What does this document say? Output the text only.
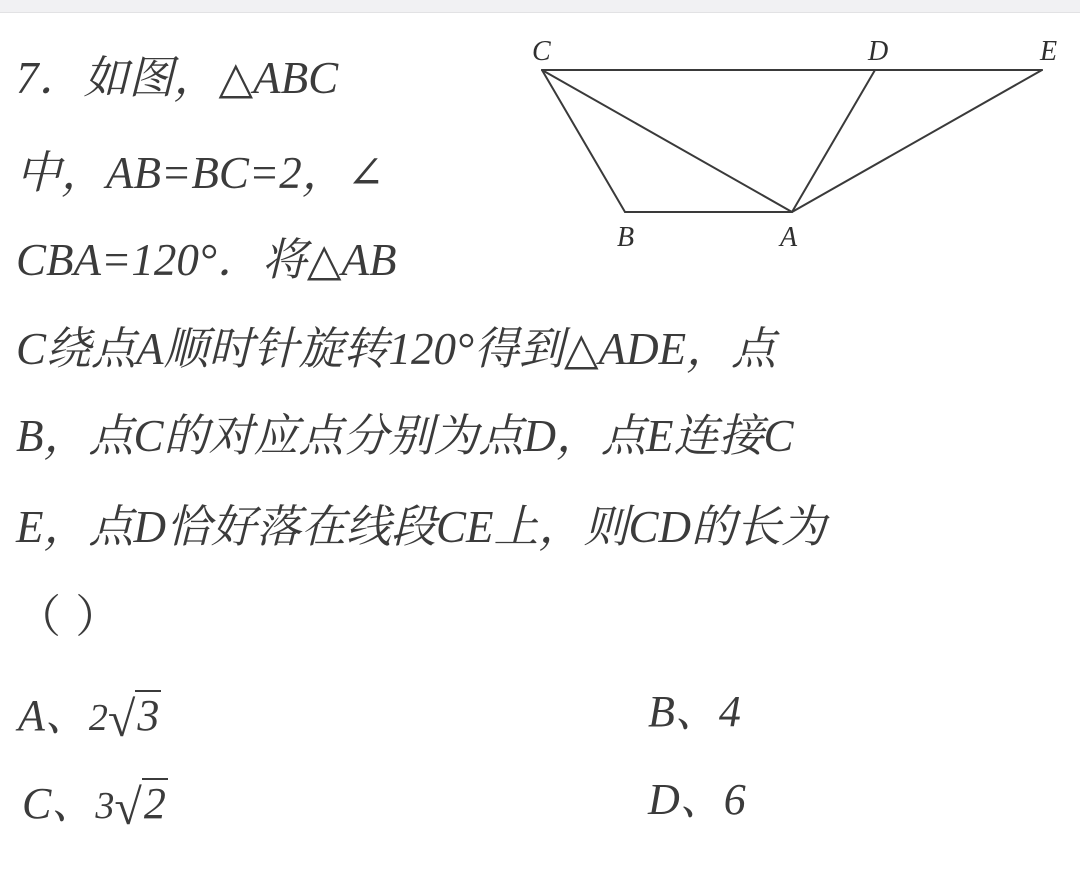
7．如图，△ABC
中，AB=BC=2，∠
CBA=120°．将△AB
C绕点A顺时针旋转120°得到△ADE，点
B，点C的对应点分别为点D，点E连接C
E，点D恰好落在线段CE上，则CD的长为
（ ）
A、2√3	B、4
C、3√2	D、6
C	D	E
B	A
